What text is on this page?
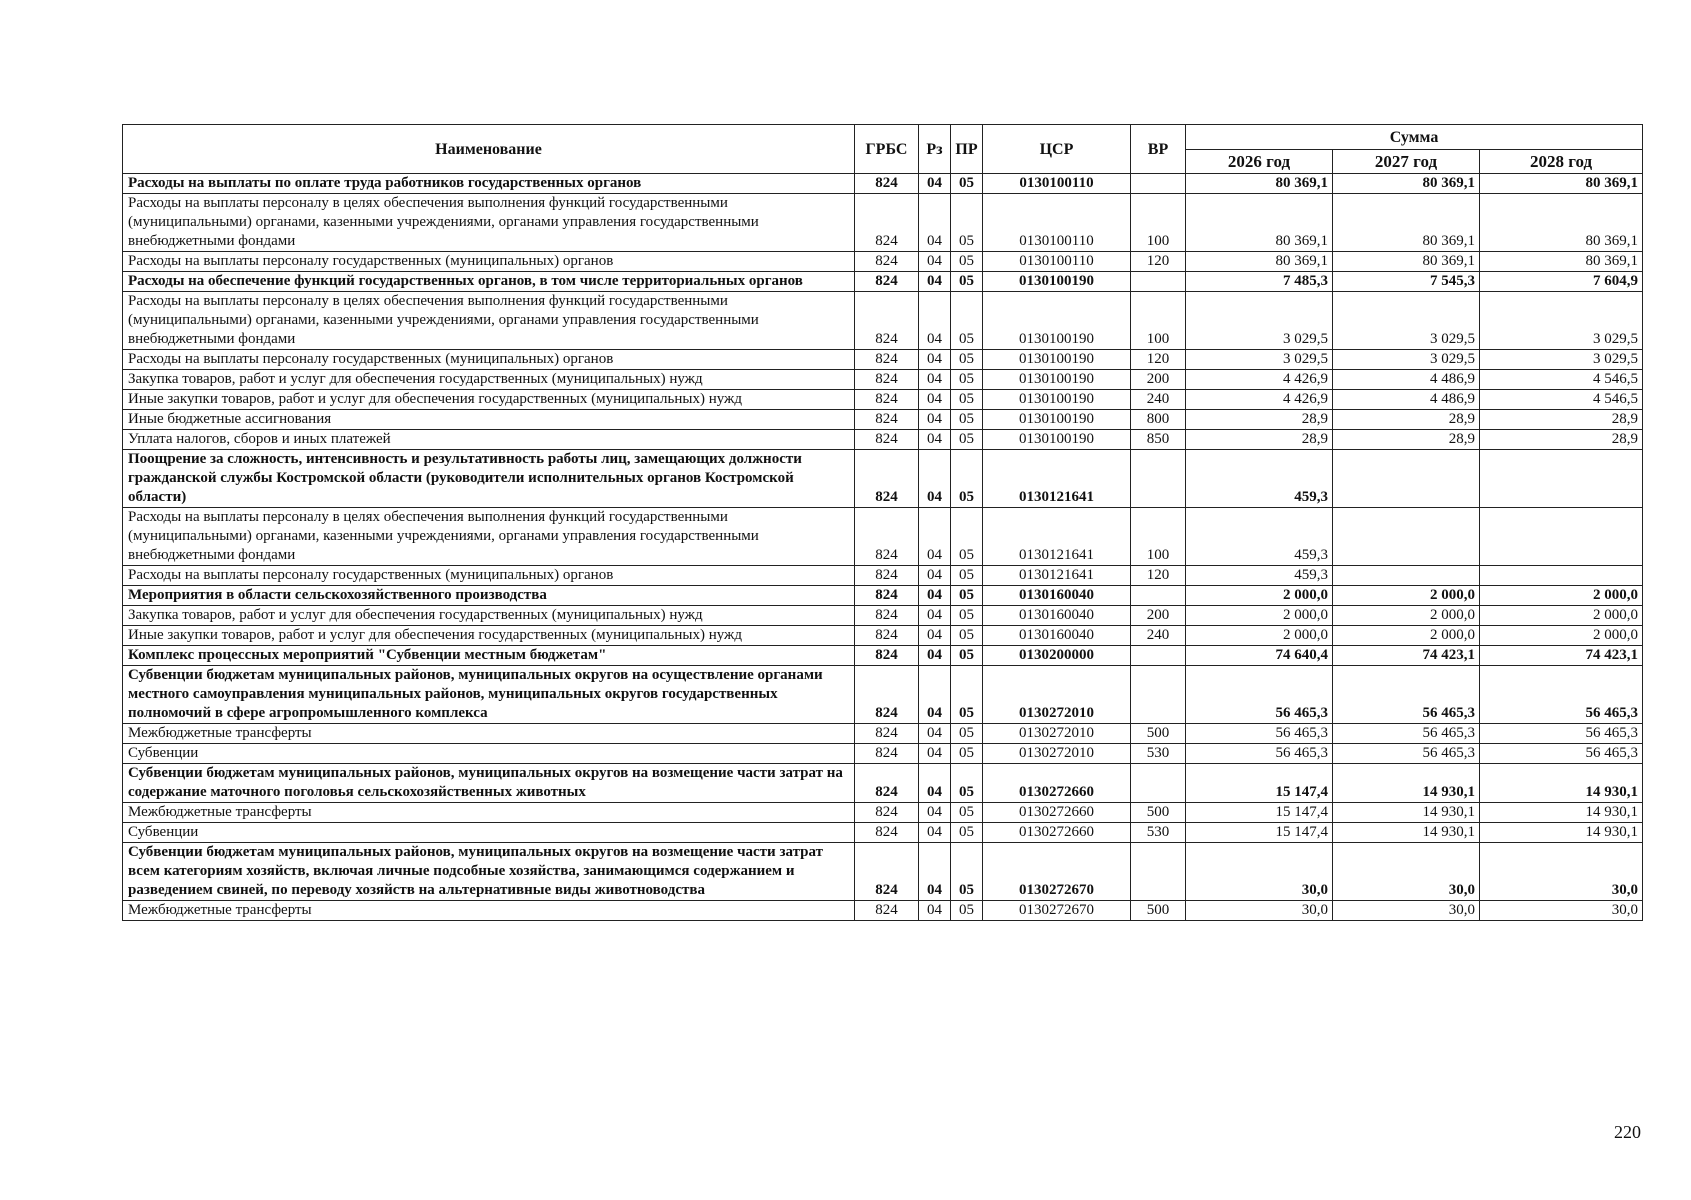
Наименование	ГРБС	Рз	ПР	ЦСР	ВР	Сумма		
						2026 год	2027 год	2028 год
Расходы на выплаты по оплате труда работников государственных органов	824	04	05	0130100110		80 369,1	80 369,1	80 369,1
Расходы на выплаты персоналу в целях обеспечения выполнения функций государственными (муниципальными) органами, казенными учреждениями, органами управления государственными внебюджетными фондами	824	04	05	0130100110	100	80 369,1	80 369,1	80 369,1
Расходы на выплаты персоналу государственных (муниципальных) органов	824	04	05	0130100110	120	80 369,1	80 369,1	80 369,1
Расходы на обеспечение функций государственных органов, в том числе территориальных органов	824	04	05	0130100190		7 485,3	7 545,3	7 604,9
Расходы на выплаты персоналу в целях обеспечения выполнения функций государственными (муниципальными) органами, казенными учреждениями, органами управления государственными внебюджетными фондами	824	04	05	0130100190	100	3 029,5	3 029,5	3 029,5
Расходы на выплаты персоналу государственных (муниципальных) органов	824	04	05	0130100190	120	3 029,5	3 029,5	3 029,5
Закупка товаров, работ и услуг для обеспечения государственных (муниципальных) нужд	824	04	05	0130100190	200	4 426,9	4 486,9	4 546,5
Иные закупки товаров, работ и услуг для обеспечения государственных (муниципальных) нужд	824	04	05	0130100190	240	4 426,9	4 486,9	4 546,5
Иные бюджетные ассигнования	824	04	05	0130100190	800	28,9	28,9	28,9
Уплата налогов, сборов и иных платежей	824	04	05	0130100190	850	28,9	28,9	28,9
Поощрение за сложность, интенсивность и результативность работы лиц, замещающих должности гражданской службы Костромской области (руководители исполнительных органов Костромской области)	824	04	05	0130121641		459,3		
Расходы на выплаты персоналу в целях обеспечения выполнения функций государственными (муниципальными) органами, казенными учреждениями, органами управления государственными внебюджетными фондами	824	04	05	0130121641	100	459,3		
Расходы на выплаты персоналу государственных (муниципальных) органов	824	04	05	0130121641	120	459,3		
Мероприятия в области сельскохозяйственного производства	824	04	05	0130160040		2 000,0	2 000,0	2 000,0
Закупка товаров, работ и услуг для обеспечения государственных (муниципальных) нужд	824	04	05	0130160040	200	2 000,0	2 000,0	2 000,0
Иные закупки товаров, работ и услуг для обеспечения государственных (муниципальных) нужд	824	04	05	0130160040	240	2 000,0	2 000,0	2 000,0
Комплекс процессных мероприятий "Субвенции местным бюджетам"	824	04	05	0130200000		74 640,4	74 423,1	74 423,1
Субвенции бюджетам муниципальных районов, муниципальных округов на осуществление органами местного самоуправления муниципальных районов, муниципальных округов государственных полномочий в сфере агропромышленного комплекса	824	04	05	0130272010		56 465,3	56 465,3	56 465,3
Межбюджетные трансферты	824	04	05	0130272010	500	56 465,3	56 465,3	56 465,3
Субвенции	824	04	05	0130272010	530	56 465,3	56 465,3	56 465,3
Субвенции бюджетам муниципальных районов, муниципальных округов на возмещение части затрат на содержание маточного поголовья сельскохозяйственных животных	824	04	05	0130272660		15 147,4	14 930,1	14 930,1
Межбюджетные трансферты	824	04	05	0130272660	500	15 147,4	14 930,1	14 930,1
Субвенции	824	04	05	0130272660	530	15 147,4	14 930,1	14 930,1
Субвенции бюджетам муниципальных районов, муниципальных округов на возмещение части затрат всем категориям хозяйств, включая личные подсобные хозяйства, занимающимся содержанием и разведением свиней, по переводу хозяйств на альтернативные виды животноводства	824	04	05	0130272670		30,0	30,0	30,0
Межбюджетные трансферты	824	04	05	0130272670	500	30,0	30,0	30,0
220
